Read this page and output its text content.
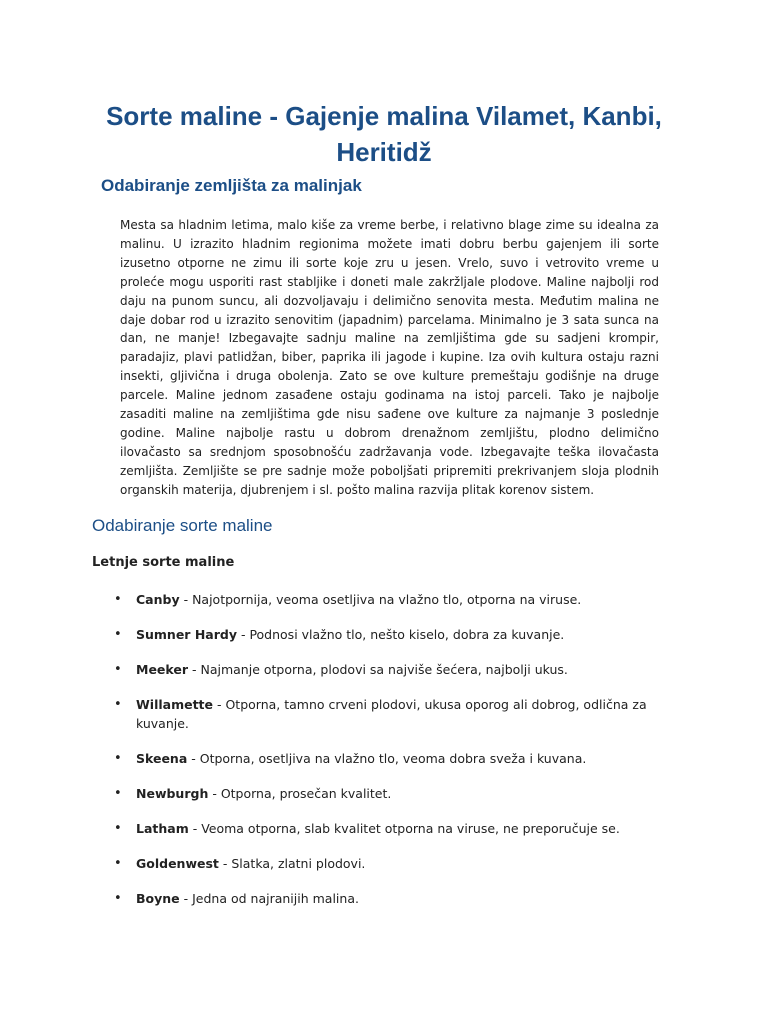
Sorte maline - Gajenje malina Vilamet, Kanbi, Heritidž
Odabiranje zemljišta za malinjak

Mesta sa hladnim letima, malo kiše za vreme berbe, i relativno blage zime su idealna za malinu. U izrazito hladnim regionima možete imati dobru berbu gajenjem ili sorte izusetno otporne ne zimu ili sorte koje zru u jesen. Vrelo, suvo i vetrovito vreme u proleće mogu usporiti rast stabljike i doneti male zakržljale plodove. Maline najbolji rod daju na punom suncu, ali dozvoljavaju i delimično senovita mesta. Međutim malina ne daje dobar rod u izrazito senovitim (japadnim) parcelama. Minimalno je 3 sata sunca na dan, ne manje! Izbegavajte sadnju maline na zemljištima gde su sadjeni krompir, paradajiz, plavi patlidžan, biber, paprika ili jagode i kupine. Iza ovih kultura ostaju razni insekti, gljivična i druga obolenja. Zato se ove kulture premeštaju godišnje na druge parcele. Maline jednom zasađene ostaju godinama na istoj parceli. Tako je najbolje zasaditi maline na zemljištima gde nisu sađene ove kulture za najmanje 3 poslednje godine. Maline najbolje rastu u dobrom drenažnom zemljištu, plodno delimično ilovačasto sa srednjom sposobnošću zadržavanja vode. Izbegavajte teška ilovačasta zemljišta. Zemljište se pre sadnje može poboljšati pripremiti prekrivanjem sloja plodnih organskih materija, djubrenjem i sl. pošto malina razvija plitak korenov sistem.

Odabiranje sorte maline
Letnje sorte maline
• Canby - Najotpornija, veoma osetljiva na vlažno tlo, otporna na viruse.
• Sumner Hardy - Podnosi vlažno tlo, nešto kiselo, dobra za kuvanje.
• Meeker - Najmanje otporna, plodovi sa najviše šećera, najbolji ukus.
• Willamette - Otporna, tamno crveni plodovi, ukusa oporog ali dobrog, odlična za kuvanje.
• Skeena - Otporna, osetljiva na vlažno tlo, veoma dobra sveža i kuvana.
• Newburgh - Otporna, prosečan kvalitet.
• Latham - Veoma otporna, slab kvalitet otporna na viruse, ne preporučuje se.
• Goldenwest - Slatka, zlatni plodovi.
• Boyne - Jedna od najranijih malina.
